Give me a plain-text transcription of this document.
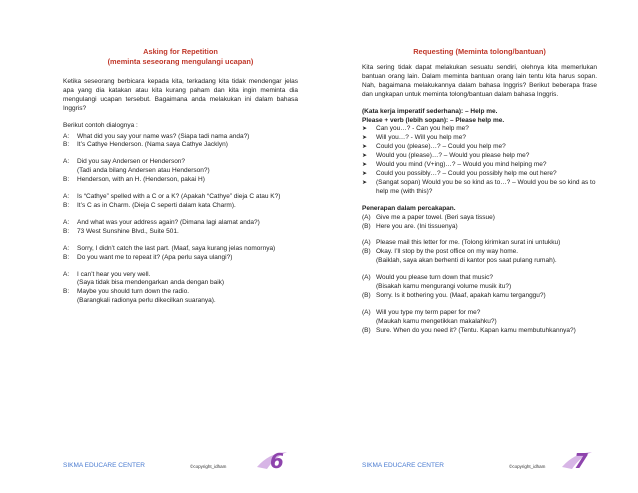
Asking for Repetition
(meminta seseorang mengulangi ucapan)

Ketika seseorang berbicara kepada kita, terkadang kita tidak mendengar jelas apa yang dia katakan atau kita kurang paham dan kita ingin meminta dia mengulangi ucapan tersebut. Bagaimana anda melakukan ini dalam bahasa Inggris?

Berikut contoh dialognya :

A:	What did you say your name was? (Siapa tadi nama anda?)
B:	It’s Cathye Henderson. (Nama saya Cathye Jacklyn)
A:	Did you say Andersen or Henderson?
(Tadi anda bilang Andersen atau Henderson?)
B:	Henderson, with an H. (Henderson, pakai H)
A:	Is “Cathye” spelled with a C or a K? (Apakah “Cathye” dieja C atau K?)
B:	It’s C as in Charm. (Dieja C seperti dalam kata Charm).
A:	And what was your address again? (Dimana lagi alamat anda?)
B:	73 West Sunshine Blvd., Suite 501.
A:	Sorry, I didn’t catch the last part. (Maaf, saya kurang jelas nomornya)
B:	Do you want me to repeat it? (Apa perlu saya ulangi?)
A:	I can’t hear you very well.
(Saya tidak bisa mendengarkan anda dengan baik)
B:	Maybe you should turn down the radio.
(Barangkali radionya perlu dikecilkan suaranya).
SIKMA EDUCARE CENTER	©copyright_idham 6
Requesting (Meminta tolong/bantuan)

Kita sering tidak dapat melakukan sesuatu sendiri, olehnya kita memerlukan bantuan orang lain. Dalam meminta bantuan orang lain tentu kita harus sopan. Nah, bagaimana melakukannya dalam bahasa Inggris? Berikut beberapa frase dan ungkapan untuk meminta tolong/bantuan dalam bahasa Inggris.

(Kata kerja imperatif sederhana): – Help me.
Please + verb (lebih sopan): – Please help me.
➤	Can you…? - Can you help me?
➤	Will you…? - Will you help me?
➤	Could you (please)…? – Could you help me?
➤	Would you (please)…? – Would you please help me?
➤	Would you mind (V+ing)…? – Would you mind helping me?
➤	Could you possibly…? – Could you possibly help me out here?
➤	(Sangat sopan) Would you be so kind as to…? – Would you be so kind as to help me (with this)?
Penerapan dalam percakapan.
(A) Give me a paper towel. (Beri saya tissue)
(B) Here you are. (Ini tissuenya)
(A) Please mail this letter for me. (Tolong kirimkan surat ini untukku)
(B) Okay. I’ll stop by the post office on my way home.
(Baiklah, saya akan berhenti di kantor pos saat pulang rumah).
(A) Would you please turn down that music?
(Bisakah kamu mengurangi volume musik itu?)
(B) Sorry. Is it bothering you. (Maaf, apakah kamu terganggu?)
(A) Will you type my term paper for me?
(Maukah kamu mengetikkan makalahku?)
(B) Sure. When do you need it? (Tentu. Kapan kamu membutuhkannya?)
SIKMA EDUCARE CENTER	©copyright_idham 7
